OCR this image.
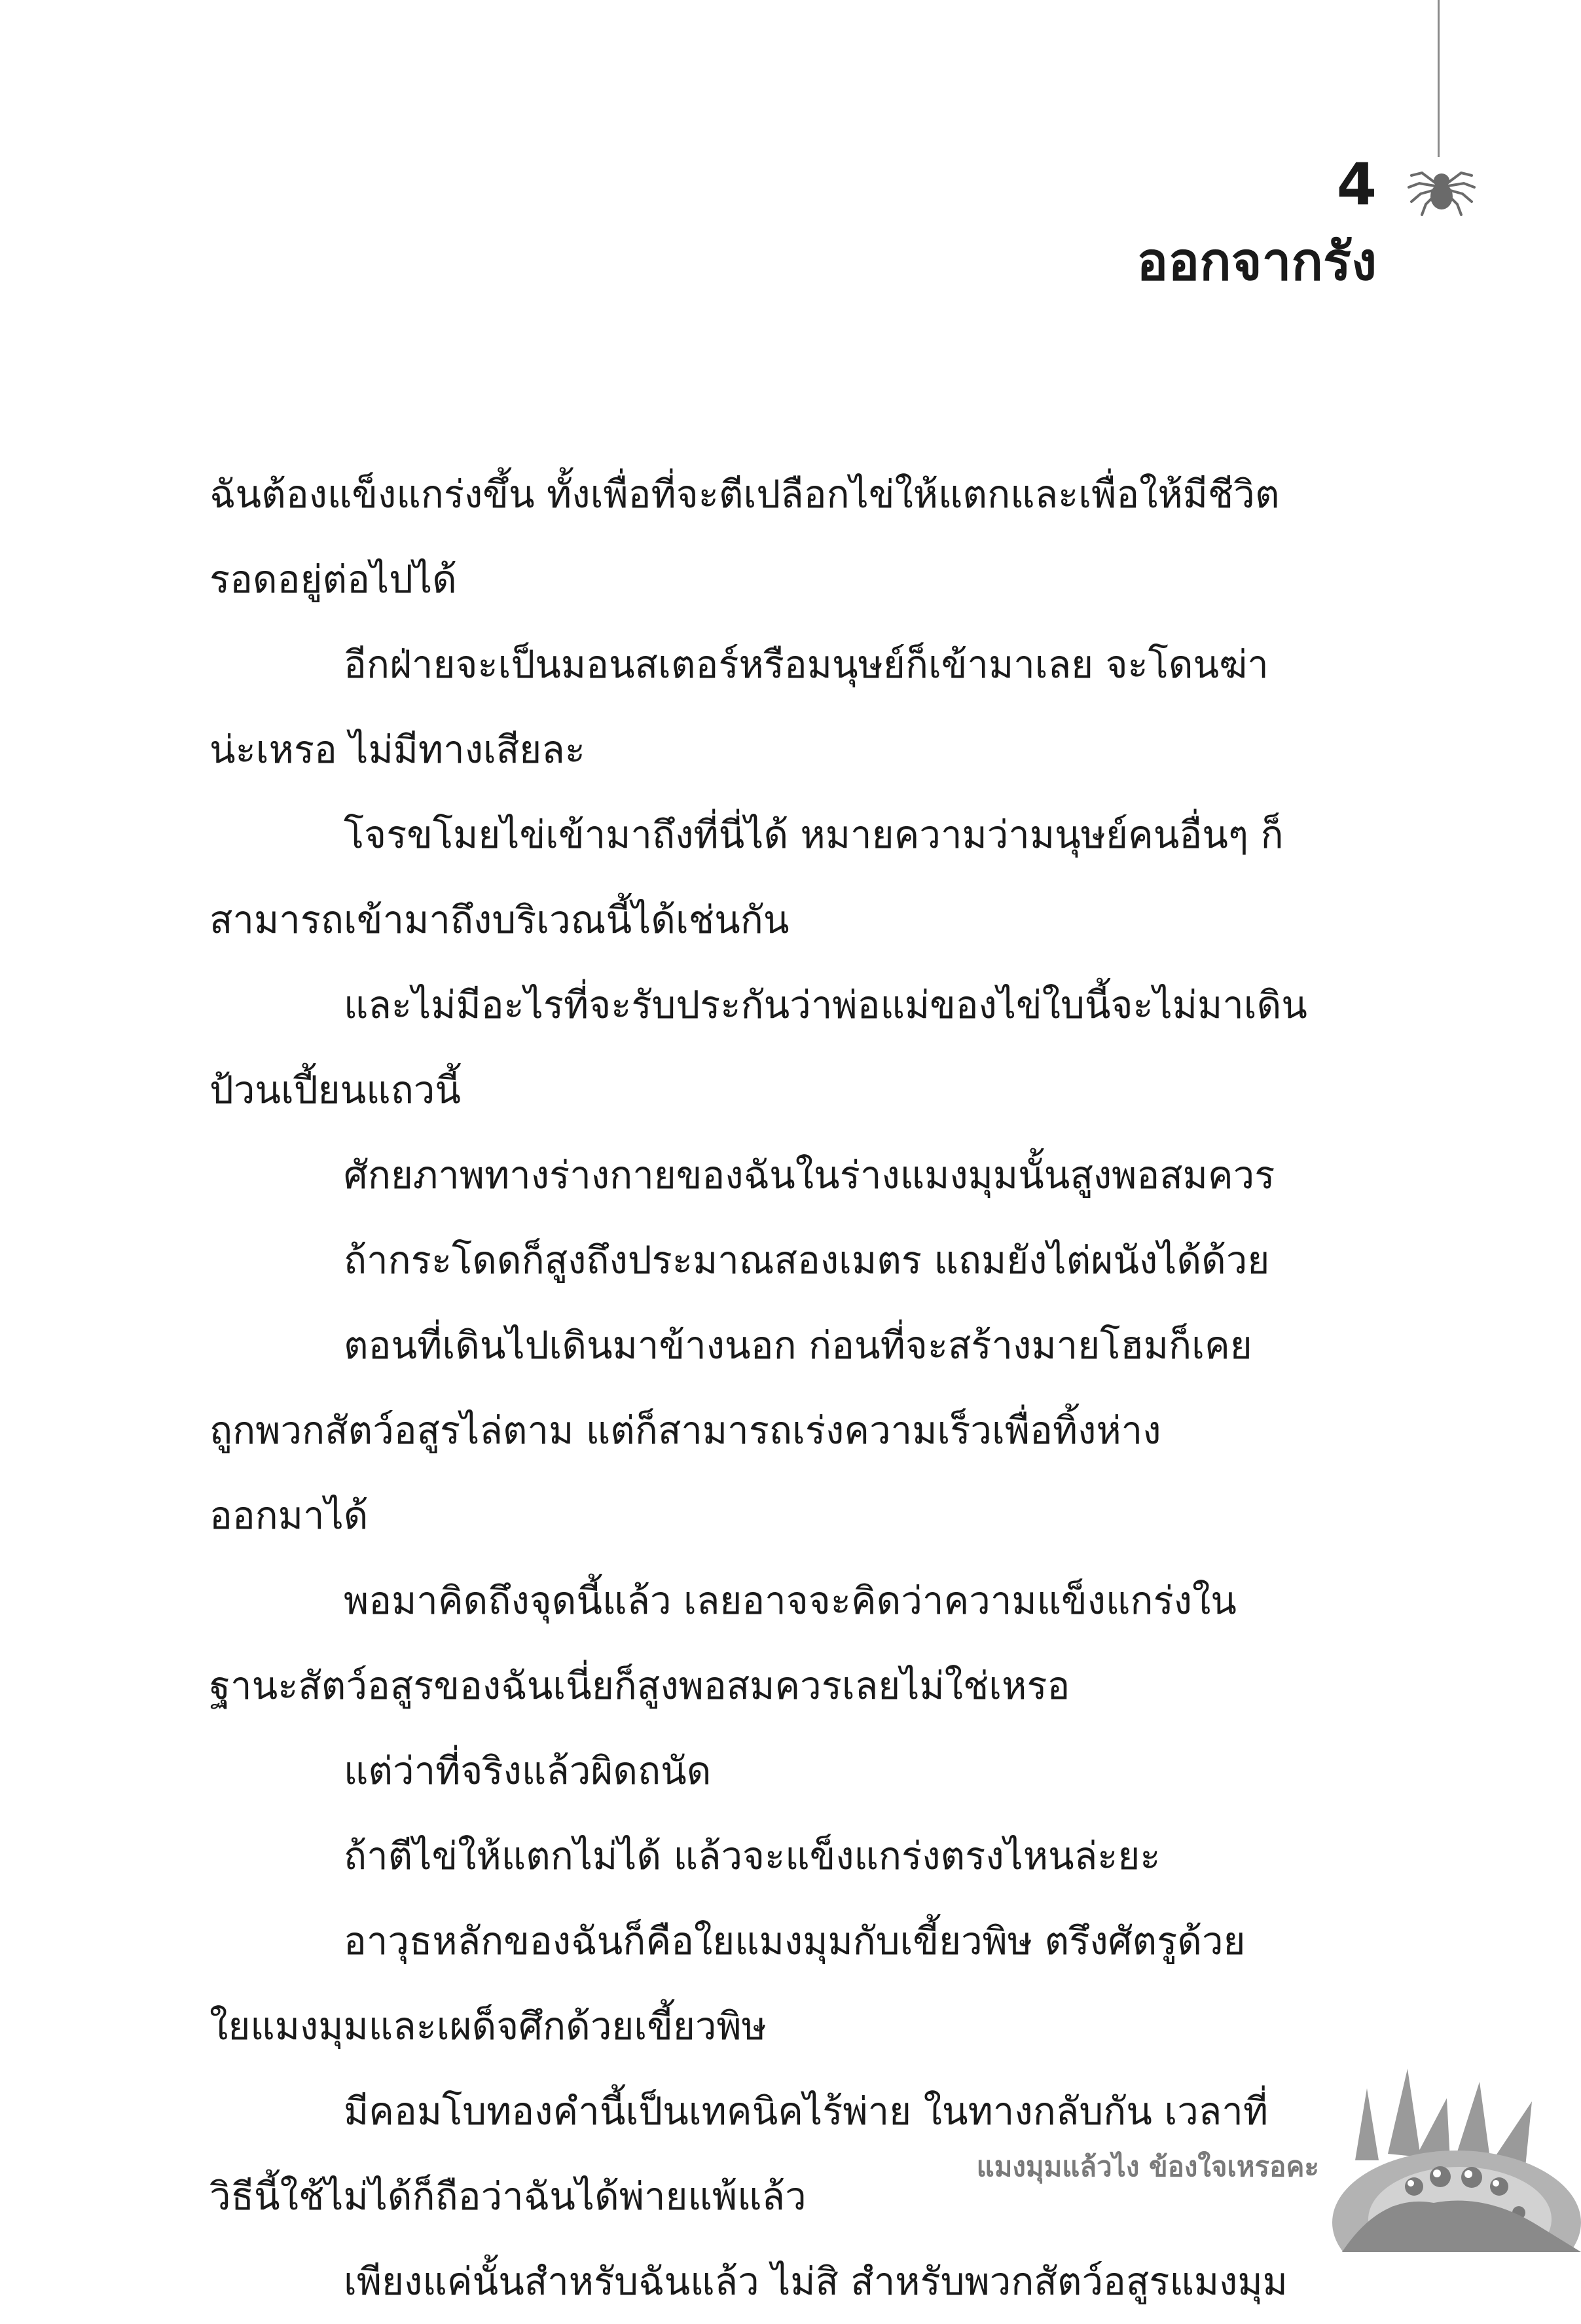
4
ออกจากรัง
ฉันต้องแข็งแกร่งขึ้น ทั้งเพื่อที่จะตีเปลือกไข่ให้แตกและเพื่อให้มีชีวิต
รอดอยู่ต่อไปได้
อีกฝ่ายจะเป็นมอนสเตอร์หรือมนุษย์ก็เข้ามาเลย จะโดนฆ่า
น่ะเหรอ ไม่มีทางเสียละ
โจรขโมยไข่เข้ามาถึงที่นี่ได้ หมายความว่ามนุษย์คนอื่นๆ ก็
สามารถเข้ามาถึงบริเวณนี้ได้เช่นกัน
และไม่มีอะไรที่จะรับประกันว่าพ่อแม่ของไข่ใบนี้จะไม่มาเดิน
ป้วนเปี้ยนแถวนี้
ศักยภาพทางร่างกายของฉันในร่างแมงมุมนั้นสูงพอสมควร
ถ้ากระโดดก็สูงถึงประมาณสองเมตร แถมยังไต่ผนังได้ด้วย
ตอนที่เดินไปเดินมาข้างนอก ก่อนที่จะสร้างมายโฮมก็เคย
ถูกพวกสัตว์อสูรไล่ตาม แต่ก็สามารถเร่งความเร็วเพื่อทิ้งห่าง
ออกมาได้
พอมาคิดถึงจุดนี้แล้ว เลยอาจจะคิดว่าความแข็งแกร่งใน
ฐานะสัตว์อสูรของฉันเนี่ยก็สูงพอสมควรเลยไม่ใช่เหรอ
แต่ว่าที่จริงแล้วผิดถนัด
ถ้าตีไข่ให้แตกไม่ได้ แล้วจะแข็งแกร่งตรงไหนล่ะยะ
อาวุธหลักของฉันก็คือใยแมงมุมกับเขี้ยวพิษ ตรึงศัตรูด้วย
ใยแมงมุมและเผด็จศึกด้วยเขี้ยวพิษ
มีคอมโบทองคำนี้เป็นเทคนิคไร้พ่าย ในทางกลับกัน เวลาที่
วิธีนี้ใช้ไม่ได้ก็ถือว่าฉันได้พ่ายแพ้แล้ว
เพียงแค่นั้นสำหรับฉันแล้ว ไม่สิ สำหรับพวกสัตว์อสูรแมงมุม
แมงมุมแล้วไง ข้องใจเหรอคะ
